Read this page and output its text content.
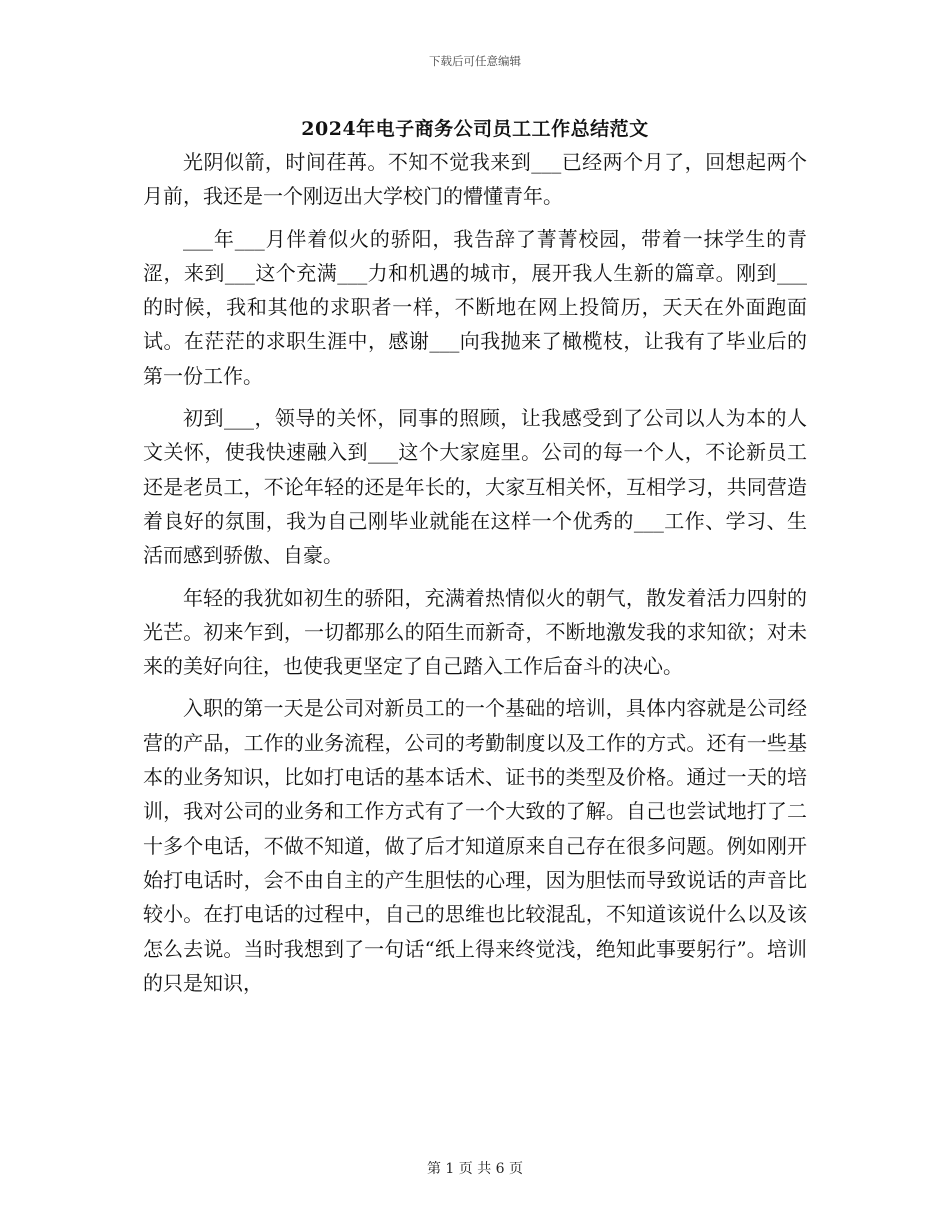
下载后可任意编辑
2024年电子商务公司员工工作总结范文

光阴似箭，时间荏苒。不知不觉我来到___已经两个月了，回想起两个月前，我还是一个刚迈出大学校门的懵懂青年。

___年___月伴着似火的骄阳，我告辞了菁菁校园，带着一抹学生的青涩，来到___这个充满___力和机遇的城市，展开我人生新的篇章。刚到___的时候，我和其他的求职者一样，不断地在网上投简历，天天在外面跑面试。在茫茫的求职生涯中，感谢___向我抛来了橄榄枝，让我有了毕业后的第一份工作。

初到___，领导的关怀，同事的照顾，让我感受到了公司以人为本的人文关怀，使我快速融入到___这个大家庭里。公司的每一个人，不论新员工还是老员工，不论年轻的还是年长的，大家互相关怀，互相学习，共同营造着良好的氛围，我为自己刚毕业就能在这样一个优秀的___工作、学习、生活而感到骄傲、自豪。

年轻的我犹如初生的骄阳，充满着热情似火的朝气，散发着活力四射的光芒。初来乍到，一切都那么的陌生而新奇，不断地激发我的求知欲；对未来的美好向往，也使我更坚定了自己踏入工作后奋斗的决心。

入职的第一天是公司对新员工的一个基础的培训，具体内容就是公司经营的产品，工作的业务流程，公司的考勤制度以及工作的方式。还有一些基本的业务知识，比如打电话的基本话术、证书的类型及价格。通过一天的培训，我对公司的业务和工作方式有了一个大致的了解。自己也尝试地打了二十多个电话，不做不知道，做了后才知道原来自己存在很多问题。例如刚开始打电话时，会不由自主的产生胆怯的心理，因为胆怯而导致说话的声音比较小。在打电话的过程中，自己的思维也比较混乱，不知道该说什么以及该怎么去说。当时我想到了一句话“纸上得来终觉浅，绝知此事要躬行”。培训的只是知识，

第 1 页 共 6 页
